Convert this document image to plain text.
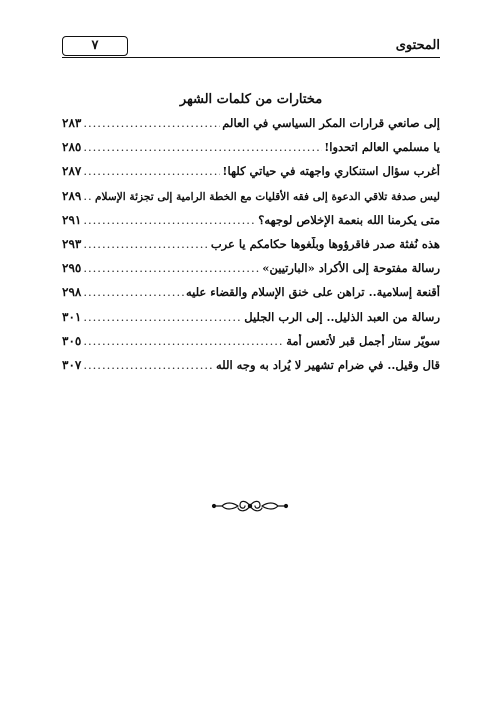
٧	المحتوى
مختارات من كلمات الشهر
إلى صانعي قرارات المكر السياسي في العالم
.....
٢٨٣
يا مسلمي العالم اتحدوا!
.....
٢٨٥
أغرب سؤال استنكاري واجهته في حياتي كلها!
.....
٢٨٧
ليس صدفة تلاقي الدعوة إلى فقه الأقليات مع الخطة الرامية إلى تجزئة الإسلام
.....
٢٨٩
متى يكرمنا الله بنعمة الإخلاص لوجهه؟
.....
٢٩١
هذه نُفثة صدر فاقرؤوها وبلّغوها حكامكم يا عرب
.....
٢٩٣
رسالة مفتوحة إلى الأكراد «البارتيين»
.....
٢٩٥
أقنعة إسلامية.. تراهن على خنق الإسلام والقضاء عليه
.....
٢٩٨
رسالة من العبد الذليل.. إلى الرب الجليل
.....
٣٠١
سويّر ستار أجمل قبر لأتعس أمة
.....
٣٠٥
قال وقيل.. في ضرام تشهير لا يُراد به وجه الله
.....
٣٠٧
